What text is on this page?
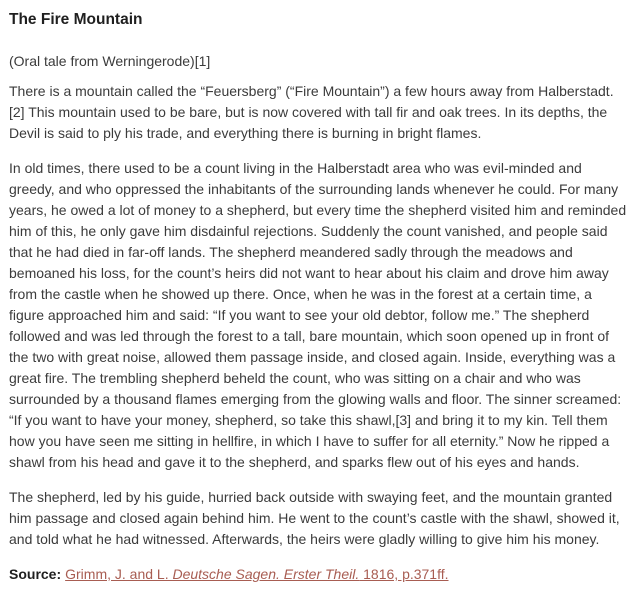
The Fire Mountain

(Oral tale from Werningerode)[1]

There is a mountain called the “Feuersberg” (“Fire Mountain”) a few hours away from Halberstadt.[2] This mountain used to be bare, but is now covered with tall fir and oak trees. In its depths, the Devil is said to ply his trade, and everything there is burning in bright flames.

In old times, there used to be a count living in the Halberstadt area who was evil-minded and greedy, and who oppressed the inhabitants of the surrounding lands whenever he could. For many years, he owed a lot of money to a shepherd, but every time the shepherd visited him and reminded him of this, he only gave him disdainful rejections. Suddenly the count vanished, and people said that he had died in far-off lands. The shepherd meandered sadly through the meadows and bemoaned his loss, for the count’s heirs did not want to hear about his claim and drove him away from the castle when he showed up there. Once, when he was in the forest at a certain time, a figure approached him and said: “If you want to see your old debtor, follow me.” The shepherd followed and was led through the forest to a tall, bare mountain, which soon opened up in front of the two with great noise, allowed them passage inside, and closed again. Inside, everything was a great fire. The trembling shepherd beheld the count, who was sitting on a chair and who was surrounded by a thousand flames emerging from the glowing walls and floor. The sinner screamed: “If you want to have your money, shepherd, so take this shawl,[3] and bring it to my kin. Tell them how you have seen me sitting in hellfire, in which I have to suffer for all eternity.” Now he ripped a shawl from his head and gave it to the shepherd, and sparks flew out of his eyes and hands.

The shepherd, led by his guide, hurried back outside with swaying feet, and the mountain granted him passage and closed again behind him. He went to the count’s castle with the shawl, showed it, and told what he had witnessed. Afterwards, the heirs were gladly willing to give him his money.

Source: Grimm, J. and L. Deutsche Sagen. Erster Theil. 1816, p.371ff.
